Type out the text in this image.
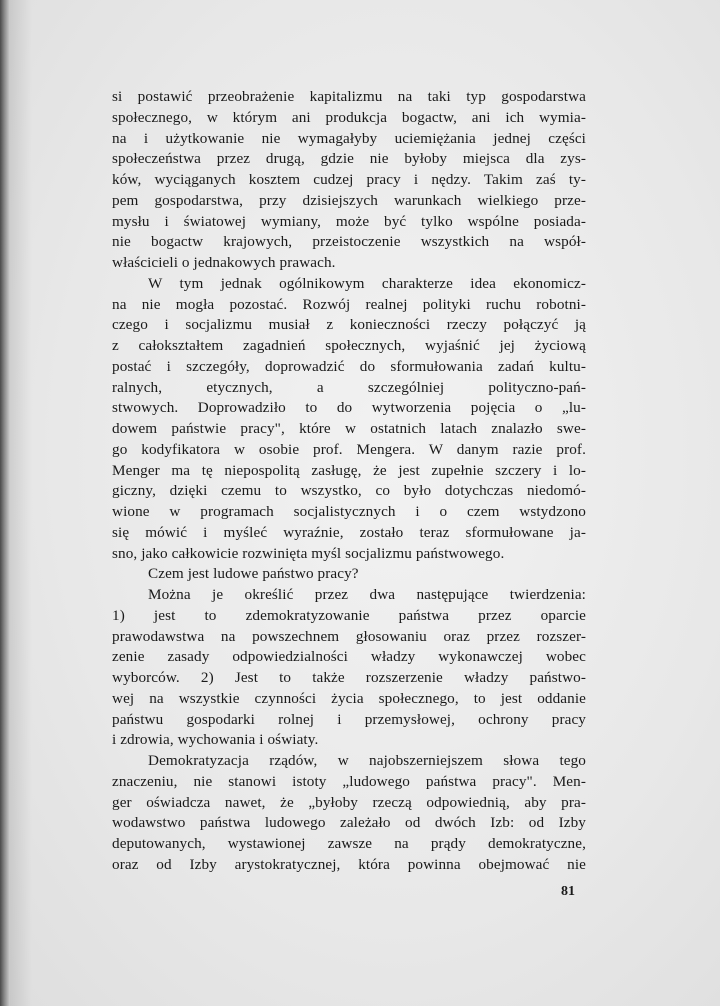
si postawić przeobrażenie kapitalizmu na taki typ gospodarstwa
społecznego, w którym ani produkcja bogactw, ani ich wymia-
na i użytkowanie nie wymagałyby uciemiężania jednej części
społeczeństwa przez drugą, gdzie nie byłoby miejsca dla zys-
ków, wyciąganych kosztem cudzej pracy i nędzy. Takim zaś ty-
pem gospodarstwa, przy dzisiejszych warunkach wielkiego prze-
mysłu i światowej wymiany, może być tylko wspólne posiada-
nie bogactw krajowych, przeistoczenie wszystkich na współ-
właścicieli o jednakowych prawach.
W tym jednak ogólnikowym charakterze idea ekonomicz-
na nie mogła pozostać. Rozwój realnej polityki ruchu robotni-
czego i socjalizmu musiał z konieczności rzeczy połączyć ją
z całokształtem zagadnień społecznych, wyjaśnić jej życiową
postać i szczegóły, doprowadzić do sformułowania zadań kultu-
ralnych, etycznych, a szczególniej polityczno-pań-
stwowych. Doprowadziło to do wytworzenia pojęcia o „lu-
dowem państwie pracy", które w ostatnich latach znalazło swe-
go kodyfikatora w osobie prof. Mengera. W danym razie prof.
Menger ma tę niepospolitą zasługę, że jest zupełnie szczery i lo-
giczny, dzięki czemu to wszystko, co było dotychczas niedomó-
wione w programach socjalistycznych i o czem wstydzono
się mówić i myśleć wyraźnie, zostało teraz sformułowane ja-
sno, jako całkowicie rozwinięta myśl socjalizmu państwowego.
Czem jest ludowe państwo pracy?
Można je określić przez dwa następujące twierdzenia:
1) jest to zdemokratyzowanie państwa przez oparcie
prawodawstwa na powszechnem głosowaniu oraz przez rozszer-
zenie zasady odpowiedzialności władzy wykonawczej wobec
wyborców. 2) Jest to także rozszerzenie władzy państwo-
wej na wszystkie czynności życia społecznego, to jest oddanie
państwu gospodarki rolnej i przemysłowej, ochrony pracy
i zdrowia, wychowania i oświaty.
Demokratyzacja rządów, w najobszerniejszem słowa tego
znaczeniu, nie stanowi istoty „ludowego państwa pracy". Men-
ger oświadcza nawet, że „byłoby rzeczą odpowiednią, aby pra-
wodawstwo państwa ludowego zależało od dwóch Izb: od Izby
deputowanych, wystawionej zawsze na prądy demokratyczne,
oraz od Izby arystokratycznej, która powinna obejmować nie
81
